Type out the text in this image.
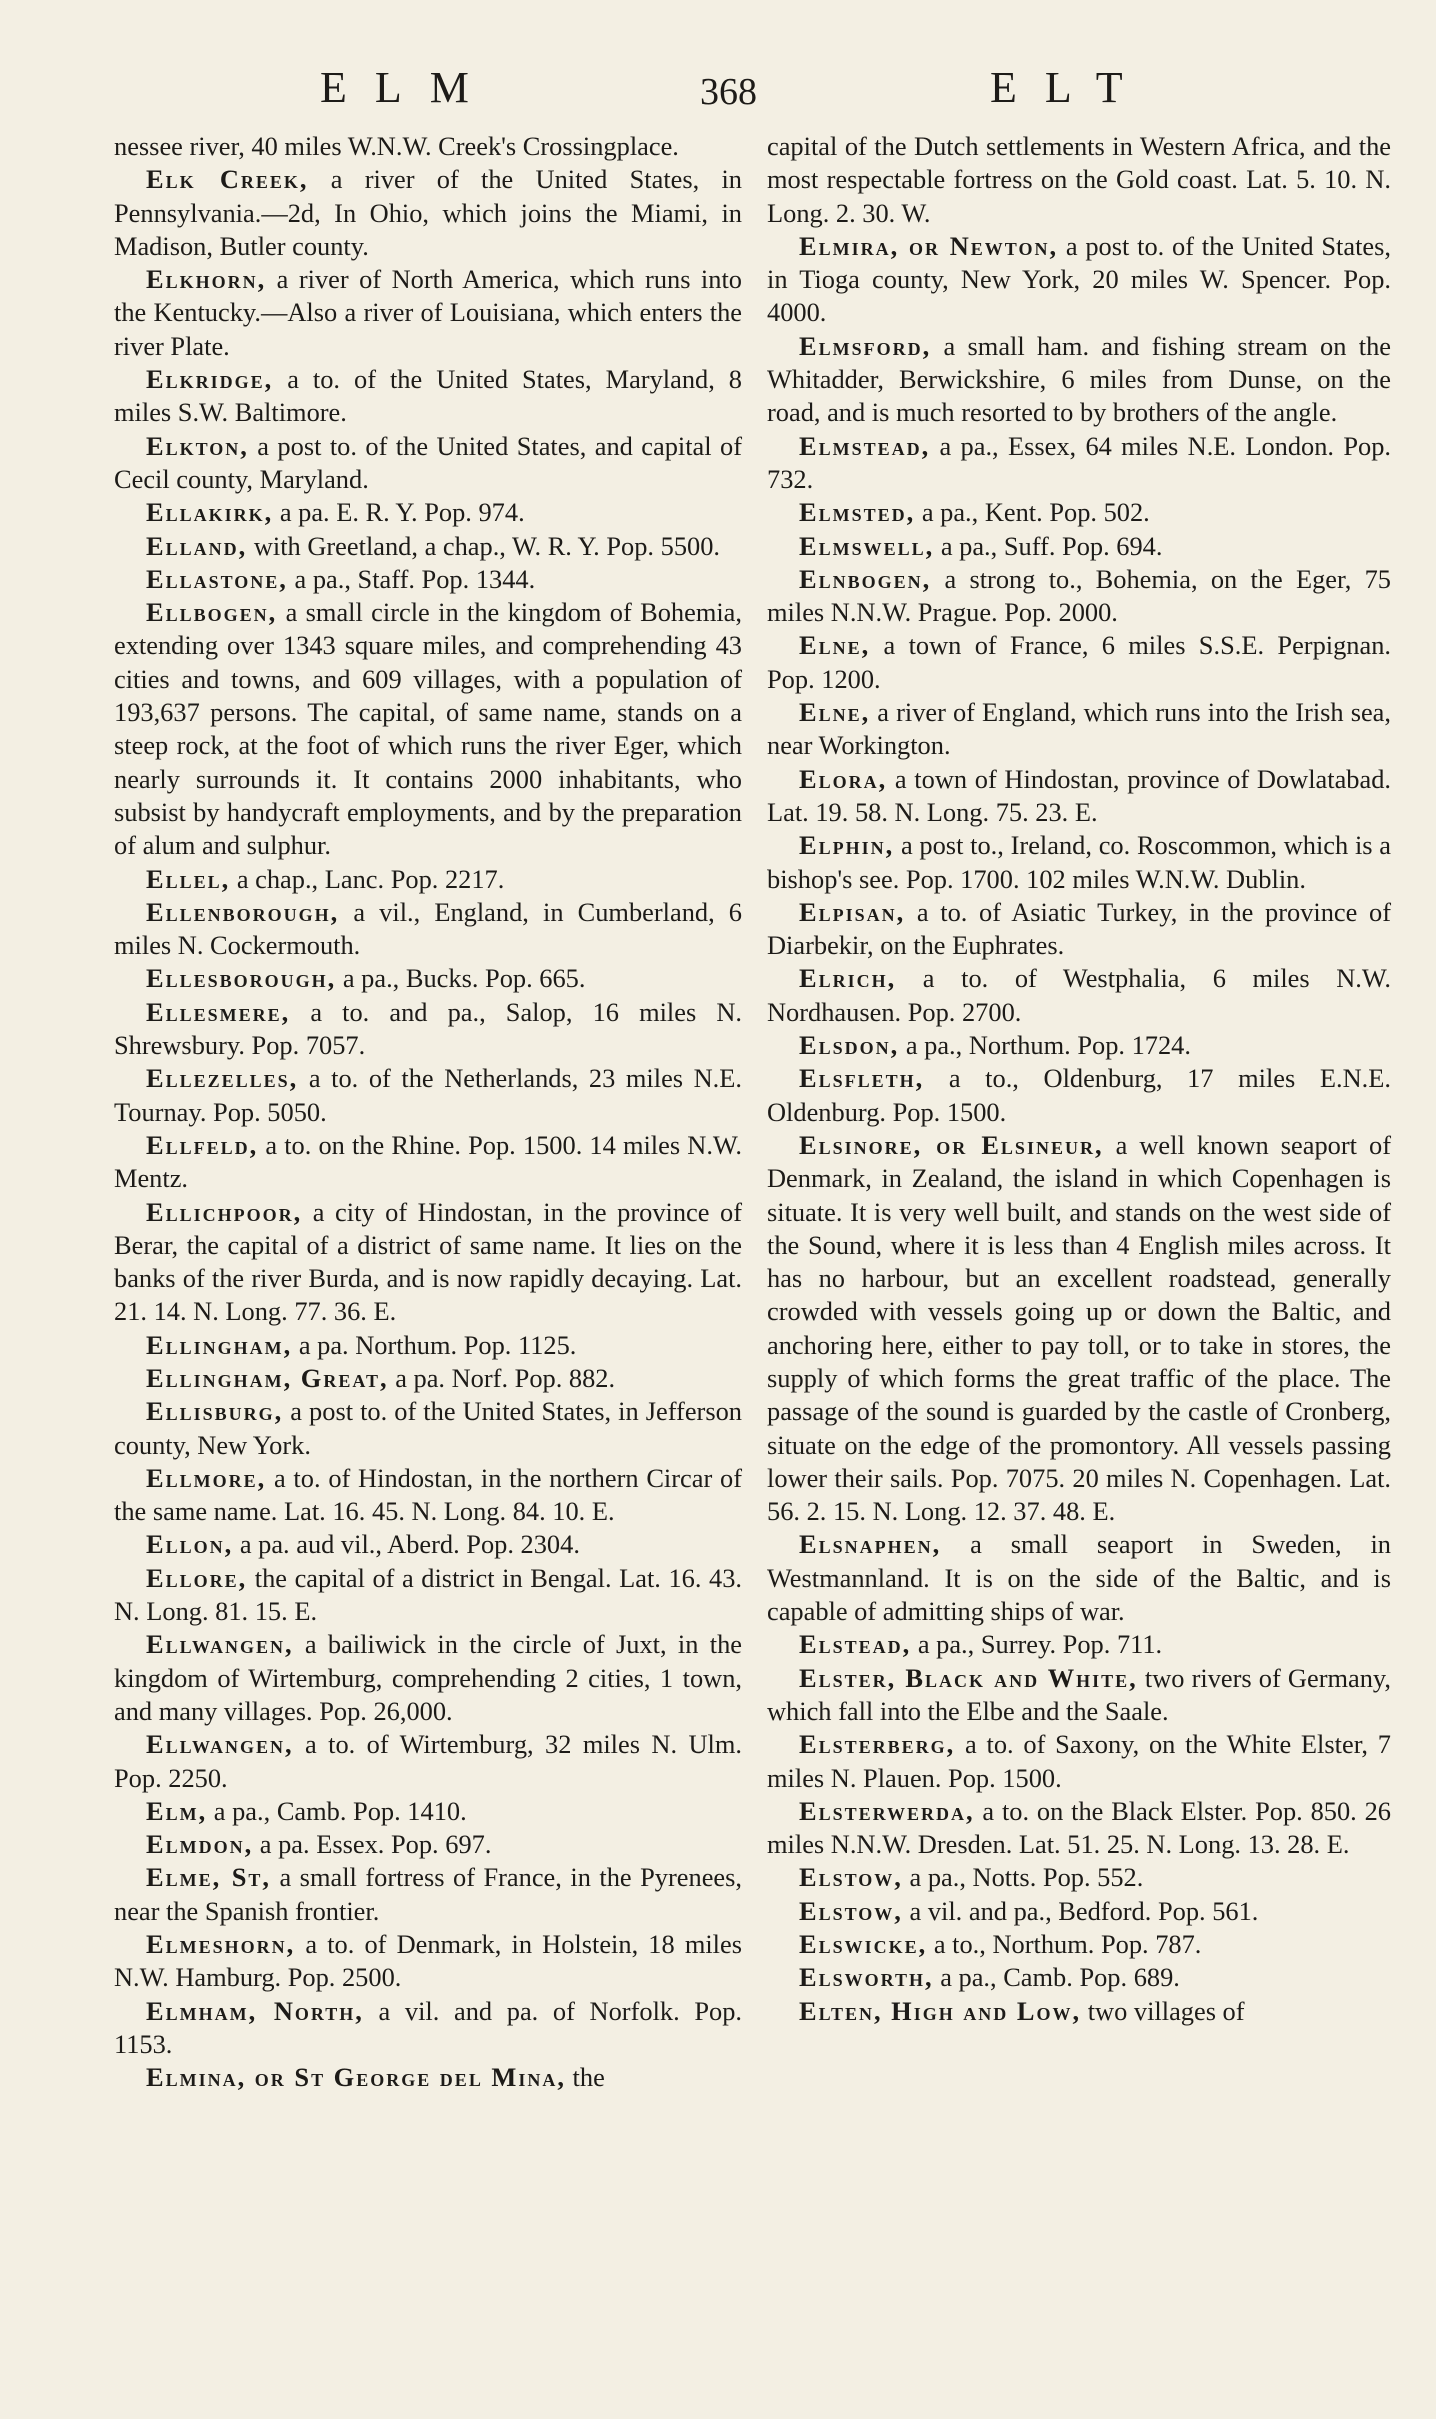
ELM	368	ELT

nessee river, 40 miles W.N.W. Creek's Crossingplace.

Elk Creek, a river of the United States, in Pennsylvania.—2d, In Ohio, which joins the Miami, in Madison, Butler county.

Elkhorn, a river of North America, which runs into the Kentucky.—Also a river of Louisiana, which enters the river Plate.

Elkridge, a to. of the United States, Maryland, 8 miles S.W. Baltimore.

Elkton, a post to. of the United States, and capital of Cecil county, Maryland.

Ellakirk, a pa. E. R. Y. Pop. 974.

Elland, with Greetland, a chap., W. R. Y. Pop. 5500.

Ellastone, a pa., Staff. Pop. 1344.

Ellbogen, a small circle in the kingdom of Bohemia, extending over 1343 square miles, and comprehending 43 cities and towns, and 609 villages, with a population of 193,637 persons. The capital, of same name, stands on a steep rock, at the foot of which runs the river Eger, which nearly surrounds it. It contains 2000 inhabitants, who subsist by handycraft employments, and by the preparation of alum and sulphur.

Ellel, a chap., Lanc. Pop. 2217.

Ellenborough, a vil., England, in Cumberland, 6 miles N. Cockermouth.

Ellesborough, a pa., Bucks. Pop. 665.

Ellesmere, a to. and pa., Salop, 16 miles N. Shrewsbury. Pop. 7057.

Ellezelles, a to. of the Netherlands, 23 miles N.E. Tournay. Pop. 5050.

Ellfeld, a to. on the Rhine. Pop. 1500. 14 miles N.W. Mentz.

Ellichpoor, a city of Hindostan, in the province of Berar, the capital of a district of same name. It lies on the banks of the river Burda, and is now rapidly decaying. Lat. 21. 14. N. Long. 77. 36. E.

Ellingham, a pa. Northum. Pop. 1125.

Ellingham, Great, a pa. Norf. Pop. 882.

Ellisburg, a post to. of the United States, in Jefferson county, New York.

Ellmore, a to. of Hindostan, in the northern Circar of the same name. Lat. 16. 45. N. Long. 84. 10. E.

Ellon, a pa. aud vil., Aberd. Pop. 2304.

Ellore, the capital of a district in Bengal. Lat. 16. 43. N. Long. 81. 15. E.

Ellwangen, a bailiwick in the circle of Juxt, in the kingdom of Wirtemburg, comprehending 2 cities, 1 town, and many villages. Pop. 26,000.

Ellwangen, a to. of Wirtemburg, 32 miles N. Ulm. Pop. 2250.

Elm, a pa., Camb. Pop. 1410.

Elmdon, a pa. Essex. Pop. 697.

Elme, St, a small fortress of France, in the Pyrenees, near the Spanish frontier.

Elmeshorn, a to. of Denmark, in Holstein, 18 miles N.W. Hamburg. Pop. 2500.

Elmham, North, a vil. and pa. of Norfolk. Pop. 1153.

Elmina, or St George del Mina, the

capital of the Dutch settlements in Western Africa, and the most respectable fortress on the Gold coast. Lat. 5. 10. N. Long. 2. 30. W.

Elmira, or Newton, a post to. of the United States, in Tioga county, New York, 20 miles W. Spencer. Pop. 4000.

Elmsford, a small ham. and fishing stream on the Whitadder, Berwickshire, 6 miles from Dunse, on the road, and is much resorted to by brothers of the angle.

Elmstead, a pa., Essex, 64 miles N.E. London. Pop. 732.

Elmsted, a pa., Kent. Pop. 502.

Elmswell, a pa., Suff. Pop. 694.

Elnbogen, a strong to., Bohemia, on the Eger, 75 miles N.N.W. Prague. Pop. 2000.

Elne, a town of France, 6 miles S.S.E. Perpignan. Pop. 1200.

Elne, a river of England, which runs into the Irish sea, near Workington.

Elora, a town of Hindostan, province of Dowlatabad. Lat. 19. 58. N. Long. 75. 23. E.

Elphin, a post to., Ireland, co. Roscommon, which is a bishop's see. Pop. 1700. 102 miles W.N.W. Dublin.

Elpisan, a to. of Asiatic Turkey, in the province of Diarbekir, on the Euphrates.

Elrich, a to. of Westphalia, 6 miles N.W. Nordhausen. Pop. 2700.

Elsdon, a pa., Northum. Pop. 1724.

Elsfleth, a to., Oldenburg, 17 miles E.N.E. Oldenburg. Pop. 1500.

Elsinore, or Elsineur, a well known seaport of Denmark, in Zealand, the island in which Copenhagen is situate. It is very well built, and stands on the west side of the Sound, where it is less than 4 English miles across. It has no harbour, but an excellent roadstead, generally crowded with vessels going up or down the Baltic, and anchoring here, either to pay toll, or to take in stores, the supply of which forms the great traffic of the place. The passage of the sound is guarded by the castle of Cronberg, situate on the edge of the promontory. All vessels passing lower their sails. Pop. 7075. 20 miles N. Copenhagen. Lat. 56. 2. 15. N. Long. 12. 37. 48. E.

Elsnaphen, a small seaport in Sweden, in Westmannland. It is on the side of the Baltic, and is capable of admitting ships of war.

Elstead, a pa., Surrey. Pop. 711.

Elster, Black and White, two rivers of Germany, which fall into the Elbe and the Saale.

Elsterberg, a to. of Saxony, on the White Elster, 7 miles N. Plauen. Pop. 1500.

Elsterwerda, a to. on the Black Elster. Pop. 850. 26 miles N.N.W. Dresden. Lat. 51. 25. N. Long. 13. 28. E.

Elstow, a pa., Notts. Pop. 552.

Elstow, a vil. and pa., Bedford. Pop. 561.

Elswicke, a to., Northum. Pop. 787.

Elsworth, a pa., Camb. Pop. 689.

Elten, High and Low, two villages of
